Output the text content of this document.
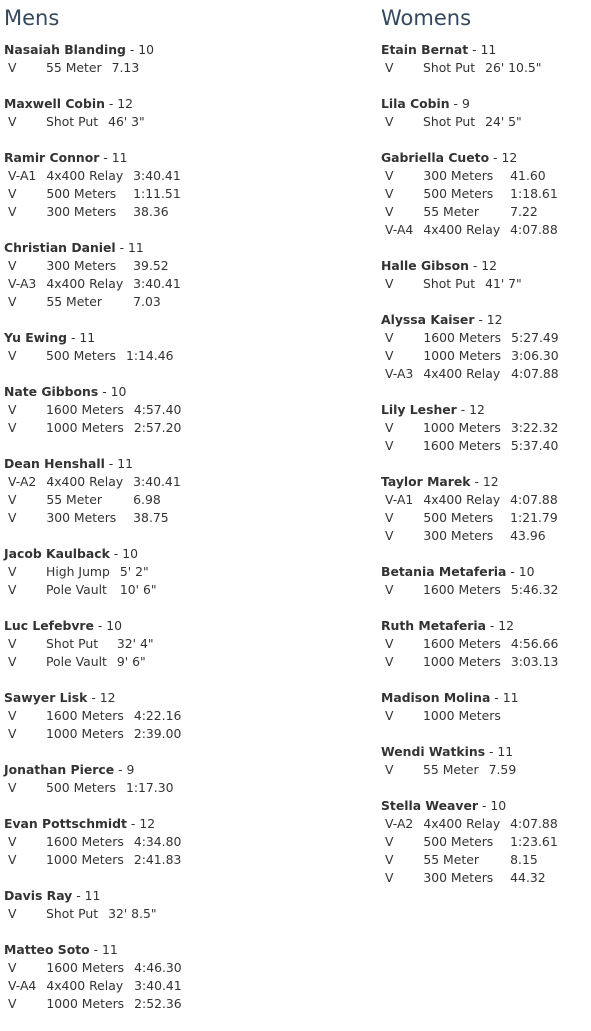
Mens
Nasaiah Blanding - 10
V	55 Meter	7.13
Maxwell Cobin - 12
V	Shot Put	46' 3"
Ramir Connor - 11
V-A1	4x400 Relay	3:40.41
V	500 Meters	1:11.51
V	300 Meters	38.36
Christian Daniel - 11
V	300 Meters	39.52
V-A3	4x400 Relay	3:40.41
V	55 Meter	7.03
Yu Ewing - 11
V	500 Meters	1:14.46
Nate Gibbons - 10
V	1600 Meters	4:57.40
V	1000 Meters	2:57.20
Dean Henshall - 11
V-A2	4x400 Relay	3:40.41
V	55 Meter	6.98
V	300 Meters	38.75
Jacob Kaulback - 10
V	High Jump	5' 2"
V	Pole Vault	10' 6"
Luc Lefebvre - 10
V	Shot Put	32' 4"
V	Pole Vault	9' 6"
Sawyer Lisk - 12
V	1600 Meters	4:22.16
V	1000 Meters	2:39.00
Jonathan Pierce - 9
V	500 Meters	1:17.30
Evan Pottschmidt - 12
V	1600 Meters	4:34.80
V	1000 Meters	2:41.83
Davis Ray - 11
V	Shot Put	32' 8.5"
Matteo Soto - 11
V	1600 Meters	4:46.30
V-A4	4x400 Relay	3:40.41
V	1000 Meters	2:52.36
Womens
Etain Bernat - 11
V	Shot Put	26' 10.5"
Lila Cobin - 9
V	Shot Put	24' 5"
Gabriella Cueto - 12
V	300 Meters	41.60
V	500 Meters	1:18.61
V	55 Meter	7.22
V-A4	4x400 Relay	4:07.88
Halle Gibson - 12
V	Shot Put	41' 7"
Alyssa Kaiser - 12
V	1600 Meters	5:27.49
V	1000 Meters	3:06.30
V-A3	4x400 Relay	4:07.88
Lily Lesher - 12
V	1000 Meters	3:22.32
V	1600 Meters	5:37.40
Taylor Marek - 12
V-A1	4x400 Relay	4:07.88
V	500 Meters	1:21.79
V	300 Meters	43.96
Betania Metaferia - 10
V	1600 Meters	5:46.32
Ruth Metaferia - 12
V	1600 Meters	4:56.66
V	1000 Meters	3:03.13
Madison Molina - 11
V	1000 Meters	
Wendi Watkins - 11
V	55 Meter	7.59
Stella Weaver - 10
V-A2	4x400 Relay	4:07.88
V	500 Meters	1:23.61
V	55 Meter	8.15
V	300 Meters	44.32
